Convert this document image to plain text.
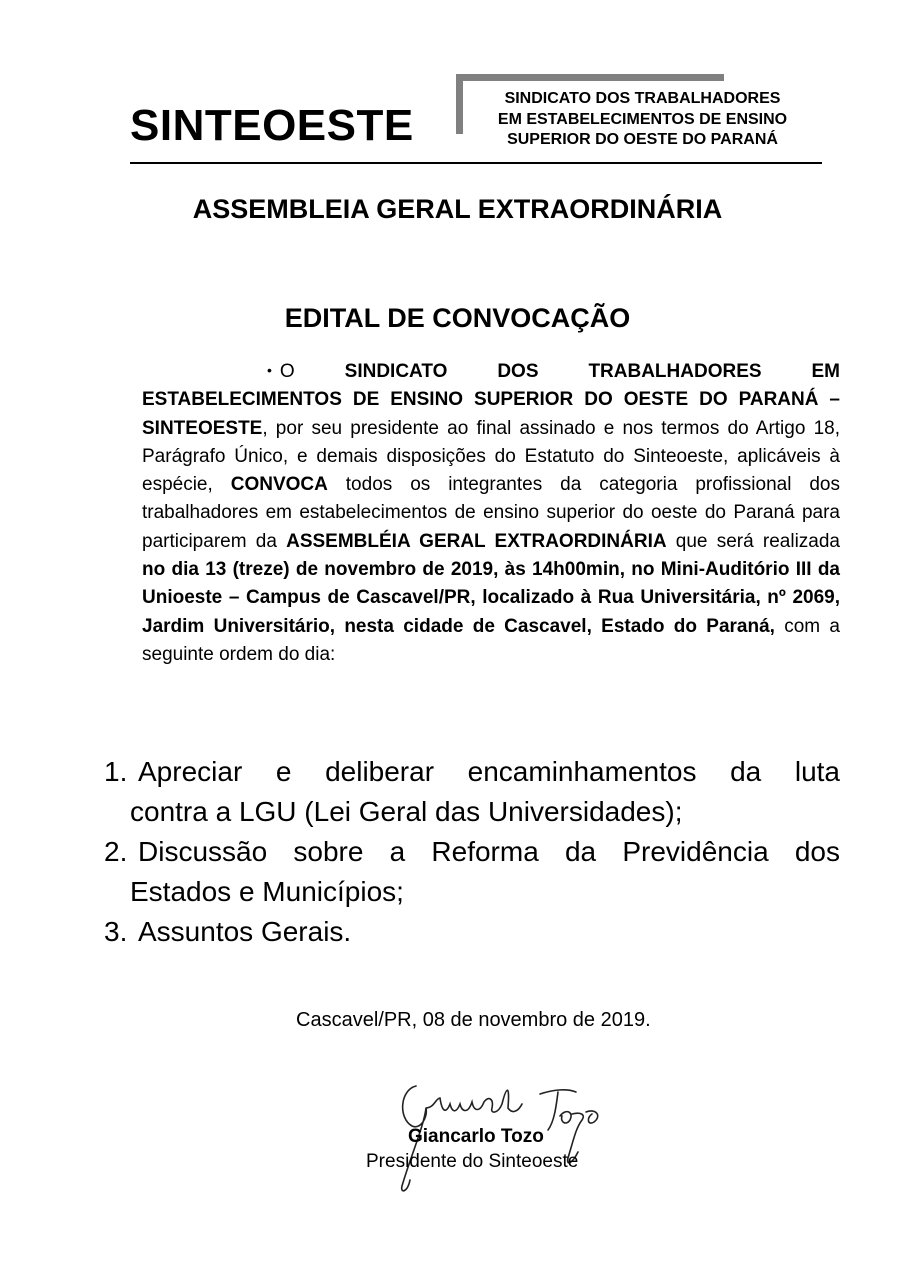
SINTEOESTE
SINDICATO DOS TRABALHADORES
EM ESTABELECIMENTOS DE ENSINO
SUPERIOR DO OESTE DO PARANÁ
ASSEMBLEIA GERAL EXTRAORDINÁRIA
EDITAL DE CONVOCAÇÃO

• O SINDICATO DOS TRABALHADORES EM ESTABELECIMENTOS DE ENSINO SUPERIOR DO OESTE DO PARANÁ – SINTEOESTE, por seu presidente ao final assinado e nos termos do Artigo 18, Parágrafo Único, e demais disposições do Estatuto do Sinteoeste, aplicáveis à espécie, CONVOCA todos os integrantes da categoria profissional dos trabalhadores em estabelecimentos de ensino superior do oeste do Paraná para participarem da ASSEMBLÉIA GERAL EXTRAORDINÁRIA que será realizada no dia 13 (treze) de novembro de 2019, às 14h00min, no Mini-Auditório III da Unioeste – Campus de Cascavel/PR, localizado à Rua Universitária, nº 2069, Jardim Universitário, nesta cidade de Cascavel, Estado do Paraná, com a seguinte ordem do dia:

1. Apreciar e deliberar encaminhamentos da luta
contra a LGU (Lei Geral das Universidades);
2. Discussão sobre a Reforma da Previdência dos
Estados e Municípios;
3. Assuntos Gerais.
Cascavel/PR, 08 de novembro de 2019.
Giancarlo Tozo
Presidente do Sinteoeste
